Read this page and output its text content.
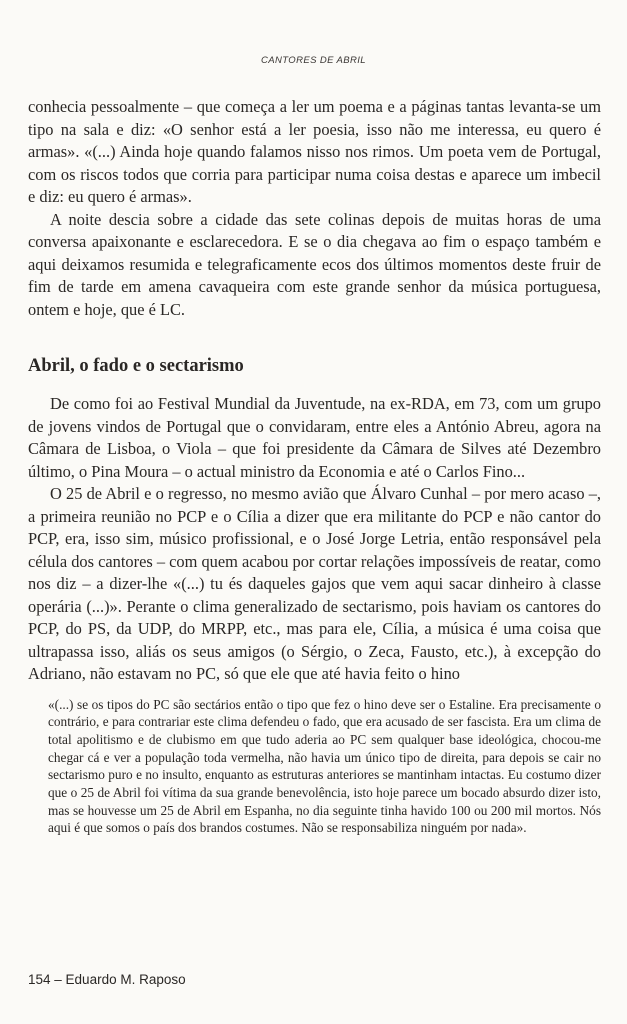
CANTORES DE ABRIL

conhecia pessoalmente – que começa a ler um poema e a páginas tantas levanta-se um tipo na sala e diz: «O senhor está a ler poesia, isso não me interessa, eu quero é armas». «(...) Ainda hoje quando falamos nisso nos rimos. Um poeta vem de Portugal, com os riscos todos que corria para participar numa coisa destas e aparece um imbecil e diz: eu quero é armas».

A noite descia sobre a cidade das sete colinas depois de muitas horas de uma conversa apaixonante e esclarecedora. E se o dia chegava ao fim o espaço também e aqui deixamos resumida e telegraficamente ecos dos últimos momentos deste fruir de fim de tarde em amena cavaqueira com este grande senhor da música portuguesa, ontem e hoje, que é LC.

Abril, o fado e o sectarismo

De como foi ao Festival Mundial da Juventude, na ex-RDA, em 73, com um grupo de jovens vindos de Portugal que o convidaram, entre eles a António Abreu, agora na Câmara de Lisboa, o Viola – que foi presidente da Câmara de Silves até Dezembro último, o Pina Moura – o actual ministro da Economia e até o Carlos Fino...

O 25 de Abril e o regresso, no mesmo avião que Álvaro Cunhal – por mero acaso –, a primeira reunião no PCP e o Cília a dizer que era militante do PCP e não cantor do PCP, era, isso sim, músico profissional, e o José Jorge Letria, então responsável pela célula dos cantores – com quem acabou por cortar relações impossíveis de reatar, como nos diz – a dizer-lhe «(...) tu és daqueles gajos que vem aqui sacar dinheiro à classe operária (...)». Perante o clima generalizado de sectarismo, pois haviam os cantores do PCP, do PS, da UDP, do MRPP, etc., mas para ele, Cília, a música é uma coisa que ultrapassa isso, aliás os seus amigos (o Sérgio, o Zeca, Fausto, etc.), à excepção do Adriano, não estavam no PC, só que ele que até havia feito o hino

«(...) se os tipos do PC são sectários então o tipo que fez o hino deve ser o Estaline. Era precisamente o contrário, e para contrariar este clima defendeu o fado, que era acusado de ser fascista. Era um clima de total apolitismo e de clubismo em que tudo aderia ao PC sem qualquer base ideológica, chocou-me chegar cá e ver a população toda vermelha, não havia um único tipo de direita, para depois se cair no sectarismo puro e no insulto, enquanto as estruturas anteriores se mantinham intactas. Eu costumo dizer que o 25 de Abril foi vítima da sua grande benevolência, isto hoje parece um bocado absurdo dizer isto, mas se houvesse um 25 de Abril em Espanha, no dia seguinte tinha havido 100 ou 200 mil mortos. Nós aqui é que somos o país dos brandos costumes. Não se responsabiliza ninguém por nada».
154 – Eduardo M. Raposo
